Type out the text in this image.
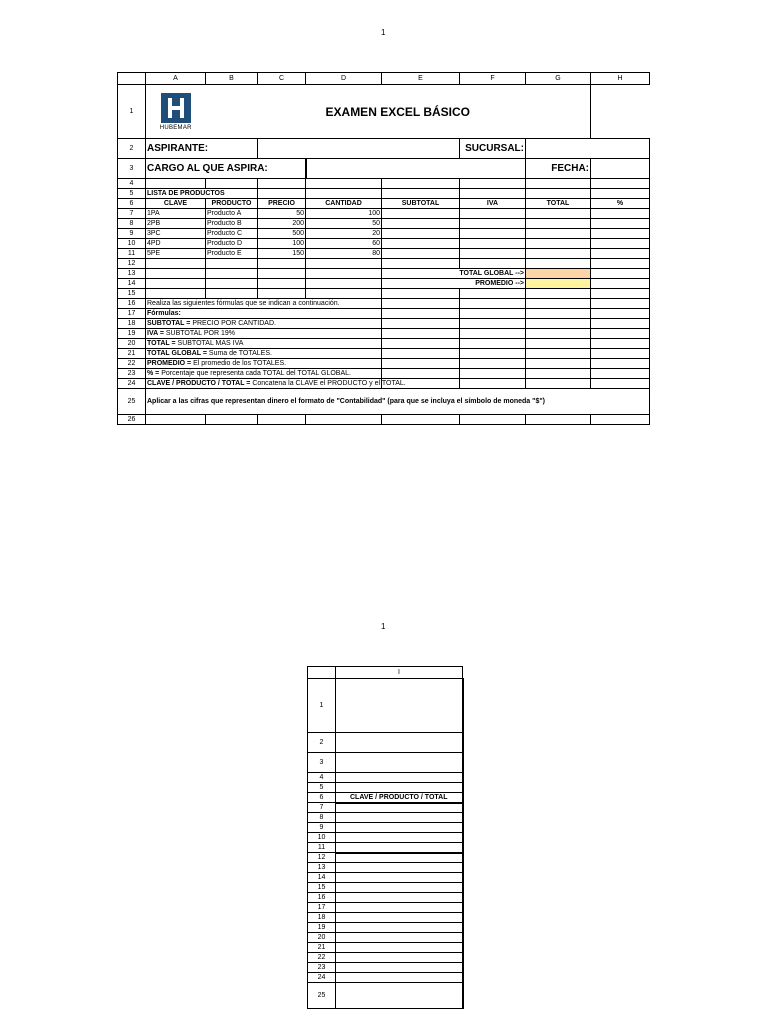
1
	A	B	C	D	E	F	G	H
1	HUBEMAR	EXAMEN EXCEL BÁSICO						
2	ASPIRANTE:					SUCURSAL:		
3	CARGO AL QUE ASPIRA:						FECHA:	
4								
5	LISTA DE PRODUCTOS							
6	CLAVE	PRODUCTO	PRECIO	CANTIDAD	SUBTOTAL	IVA	TOTAL	%
7	1PA	Producto A	50	100				
8	2PB	Producto B	200	50				
9	3PC	Producto C	500	20				
10	4PD	Producto D	100	60				
11	5PE	Producto E	150	80				
12								
13					TOTAL GLOBAL -->			
14					PROMEDIO -->			
15								
16	Realiza las siguientes fórmulas que se indican a continuación.							
17	Fórmulas:							
18	SUBTOTAL = PRECIO POR CANTIDAD.							
19	IVA = SUBTOTAL POR 19%							
20	TOTAL = SUBTOTAL MAS IVA							
21	TOTAL GLOBAL = Suma de TOTALES.							
22	PROMEDIO = El promedio de los TOTALES.							
23	% = Porcentaje que representa cada TOTAL del TOTAL GLOBAL.							
24	CLAVE / PRODUCTO / TOTAL = Concatena la CLAVE el PRODUCTO y el TOTAL.							
25	Aplicar a las cifras que representan dinero el formato de "Contabilidad" (para que se incluya el símbolo de moneda "$")							
26								
1
	I
1	
2	
3	
4	
5	
6	CLAVE / PRODUCTO / TOTAL
7	
8	
9	
10	
11	
12	
13	
14	
15	
16	
17	
18	
19	
20	
21	
22	
23	
24	
25	
